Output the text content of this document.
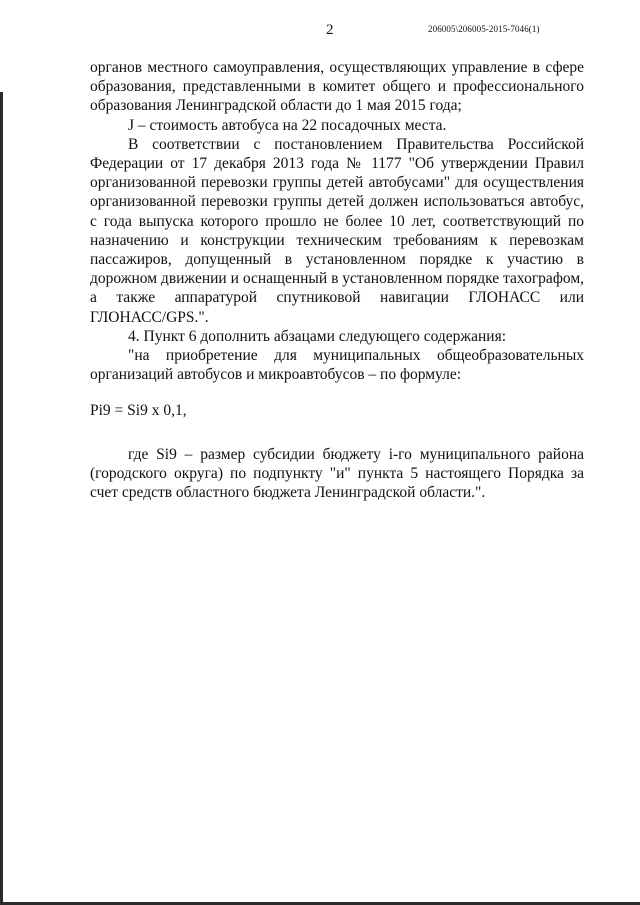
2	206005\206005-2015-7046(1)

органов местного самоуправления, осуществляющих управление в сфере образования, представленными в комитет общего и профессионального образования Ленинградской области до 1 мая 2015 года;

J – стоимость автобуса на 22 посадочных места.

В соответствии с постановлением Правительства Российской Федерации от 17 декабря 2013 года № 1177 "Об утверждении Правил организованной перевозки группы детей автобусами" для осуществления организованной перевозки группы детей должен использоваться автобус, с года выпуска которого прошло не более 10 лет, соответствующий по назначению и конструкции техническим требованиям к перевозкам пассажиров, допущенный в установленном порядке к участию в дорожном движении и оснащенный в установленном порядке тахографом, а также аппаратурой спутниковой навигации ГЛОНАСС или ГЛОНАСС/GPS.".

4. Пункт 6 дополнить абзацами следующего содержания:

"на приобретение для муниципальных общеобразовательных организаций автобусов и микроавтобусов – по формуле:

Pi9 = Si9 x 0,1,

где Si9 – размер субсидии бюджету i-го муниципального района (городского округа) по подпункту "и" пункта 5 настоящего Порядка за счет средств областного бюджета Ленинградской области.".
